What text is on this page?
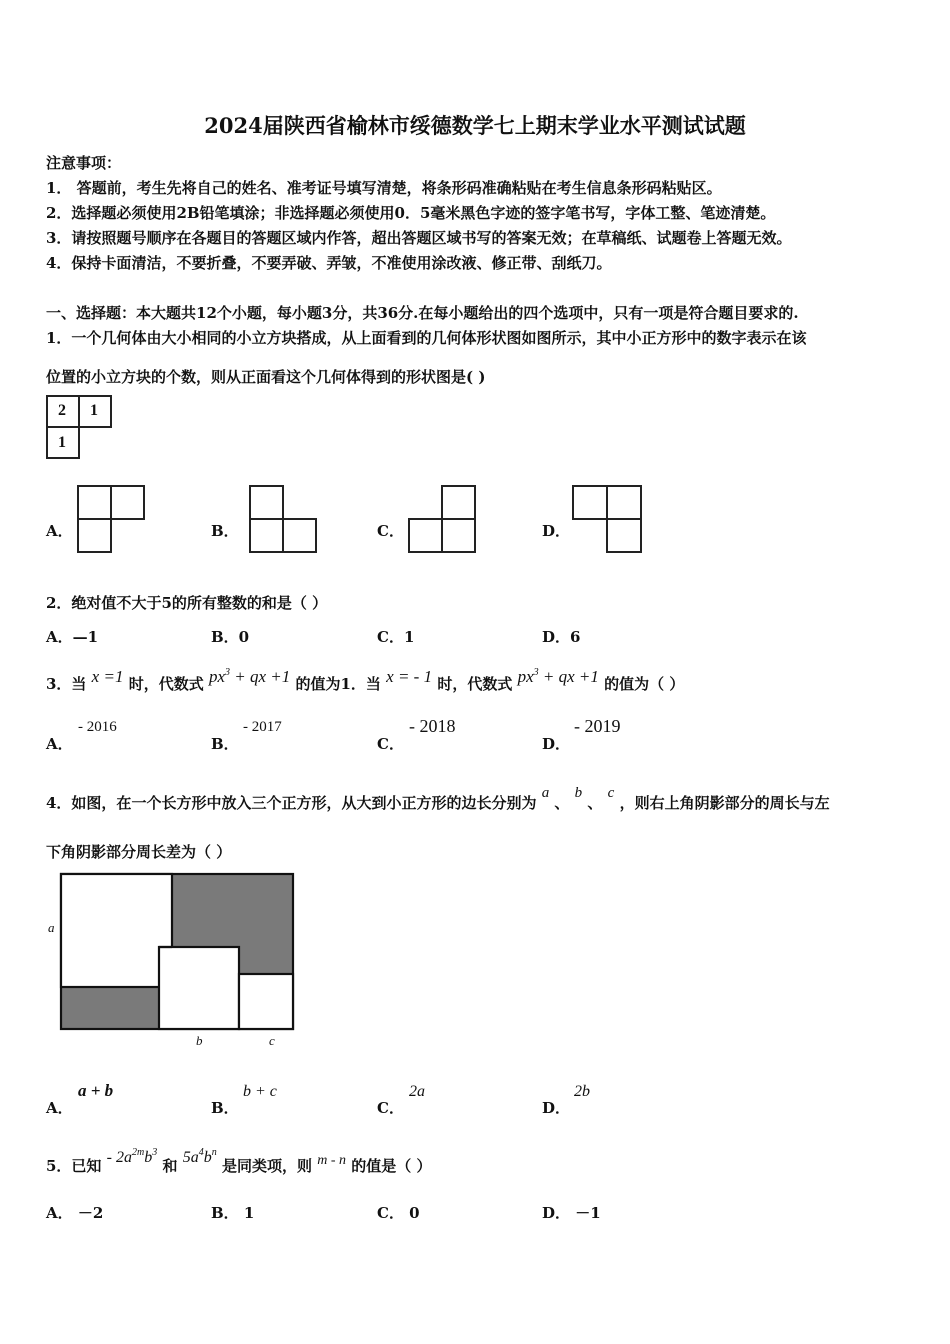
2024届陕西省榆林市绥德数学七上期末学业水平测试试题
注意事项：
1． 答题前，考生先将自己的姓名、准考证号填写清楚，将条形码准确粘贴在考生信息条形码粘贴区。
2．选择题必须使用2B铅笔填涂；非选择题必须使用0．5毫米黑色字迹的签字笔书写，字体工整、笔迹清楚。
3．请按照题号顺序在各题目的答题区域内作答，超出答题区域书写的答案无效；在草稿纸、试题卷上答题无效。
4．保持卡面清洁，不要折叠，不要弄破、弄皱，不准使用涂改液、修正带、刮纸刀。
一、选择题：本大题共12个小题，每小题3分，共36分.在每小题给出的四个选项中，只有一项是符合题目要求的.
1．一个几何体由大小相同的小立方块搭成，从上面看到的几何体形状图如图所示，其中小正方形中的数字表示在该
位置的小立方块的个数，则从正面看这个几何体得到的形状图是( )
2 1
1
A．	B．	C．	D．
2．绝对值不大于5的所有整数的和是（ ）
A．—1	B．0	C．1	D．6
3．当 x =1 时，代数式 $px^3$ + qx +1 的值为1．当 x = - 1 时，代数式 $px^3$ + qx +1 的值为（ ）
A．
- 2016
B．
- 2017
C．
- 2018
D．
- 2019
4．如图，在一个长方形中放入三个正方形，从大到小正方形的边长分别为 a 、 b 、 c ，则右上角阴影部分的周长与左
下角阴影部分周长差为（ ）
a
b	c
A．
a + b
B．
b + c
C．
2a
D．
2b
5．已知 - $2a^{2m}b^3$ 和 $5a^4b^n$ 是同类项，则 m - n 的值是（ ）
A． －2	B． 1	C． 0	D． －1
